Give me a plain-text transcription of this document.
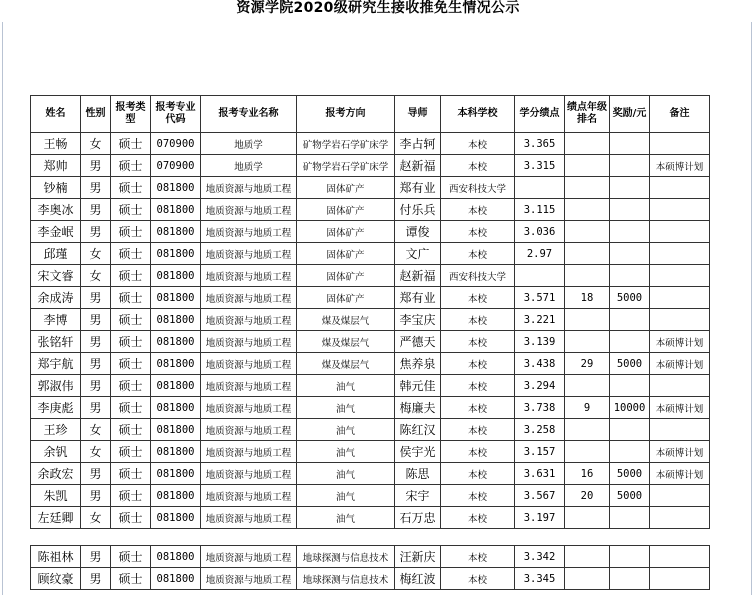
资源学院2020级研究生接收推免生情况公示
姓名	性别	报考类型	报考专业代码	报考专业名称	报考方向	导师	本科学校	学分绩点	绩点年级排名	奖励/元	备注
王畅	女	硕士	070900	地质学	矿物学岩石学矿床学	李占轲	本校	3.365			
郑帅	男	硕士	070900	地质学	矿物学岩石学矿床学	赵新福	本校	3.315			本硕博计划
钞楠	男	硕士	081800	地质资源与地质工程	固体矿产	郑有业	西安科技大学				
李奥冰	男	硕士	081800	地质资源与地质工程	固体矿产	付乐兵	本校	3.115			
李金岷	男	硕士	081800	地质资源与地质工程	固体矿产	谭俊	本校	3.036			
邱瑾	女	硕士	081800	地质资源与地质工程	固体矿产	文广	本校	2.97			
宋文睿	女	硕士	081800	地质资源与地质工程	固体矿产	赵新福	西安科技大学				
余成涛	男	硕士	081800	地质资源与地质工程	固体矿产	郑有业	本校	3.571	18	5000	
李博	男	硕士	081800	地质资源与地质工程	煤及煤层气	李宝庆	本校	3.221			
张铭轩	男	硕士	081800	地质资源与地质工程	煤及煤层气	严德天	本校	3.139			本硕博计划
郑宇航	男	硕士	081800	地质资源与地质工程	煤及煤层气	焦养泉	本校	3.438	29	5000	本硕博计划
郭淑伟	男	硕士	081800	地质资源与地质工程	油气	韩元佳	本校	3.294			
李庚彪	男	硕士	081800	地质资源与地质工程	油气	梅廉夫	本校	3.738	9	10000	本硕博计划
王珍	女	硕士	081800	地质资源与地质工程	油气	陈红汉	本校	3.258			
余钒	女	硕士	081800	地质资源与地质工程	油气	侯宇光	本校	3.157			本硕博计划
余政宏	男	硕士	081800	地质资源与地质工程	油气	陈思	本校	3.631	16	5000	本硕博计划
朱凯	男	硕士	081800	地质资源与地质工程	油气	宋宇	本校	3.567	20	5000	
左廷卿	女	硕士	081800	地质资源与地质工程	油气	石万忠	本校	3.197			
陈祖林	男	硕士	081800	地质资源与地质工程	地球探测与信息技术	汪新庆	本校	3.342			
顾纹豪	男	硕士	081800	地质资源与地质工程	地球探测与信息技术	梅红波	本校	3.345			
